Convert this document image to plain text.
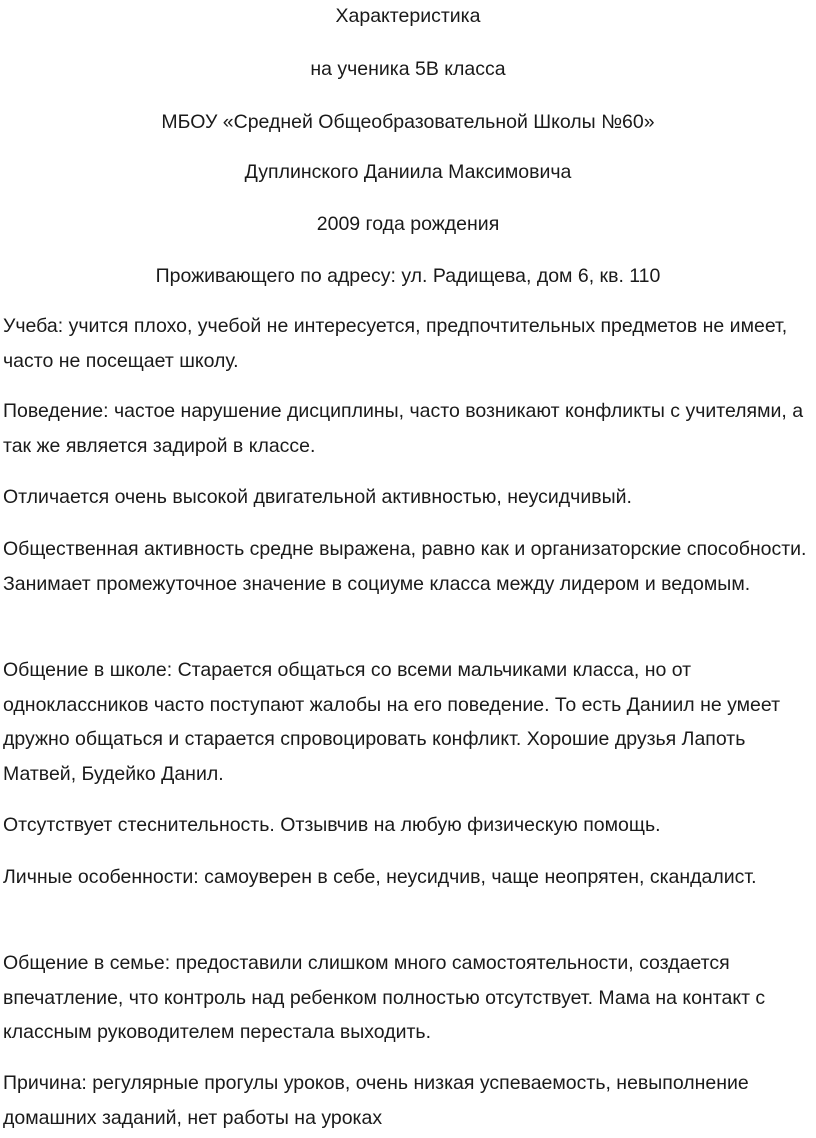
Характеристика

на ученика 5В класса

МБОУ «Средней Общеобразовательной Школы №60»

Дуплинского Даниила Максимовича

2009 года рождения

Проживающего по адресу: ул. Радищева, дом 6, кв. 110

Учеба: учится плохо, учебой не интересуется, предпочтительных предметов не имеет, часто не посещает школу.

Поведение: частое нарушение дисциплины, часто возникают конфликты с учителями, а так же является задирой в классе.

Отличается очень высокой двигательной активностью, неусидчивый.

Общественная активность средне выражена, равно как и организаторские способности. Занимает промежуточное значение в социуме класса между лидером и ведомым.

Общение в школе: Старается общаться со всеми мальчиками класса, но от одноклассников часто поступают жалобы на его поведение. То есть Даниил не умеет дружно общаться и старается спровоцировать конфликт. Хорошие друзья Лапоть Матвей, Будейко Данил.

Отсутствует стеснительность. Отзывчив на любую физическую помощь.

Личные особенности: самоуверен в себе, неусидчив, чаще неопрятен, скандалист.

Общение в семье: предоставили слишком много самостоятельности, создается впечатление, что контроль над ребенком полностью отсутствует. Мама на контакт с классным руководителем перестала выходить.

Причина: регулярные прогулы уроков, очень низкая успеваемость, невыполнение домашних заданий, нет работы на уроках
